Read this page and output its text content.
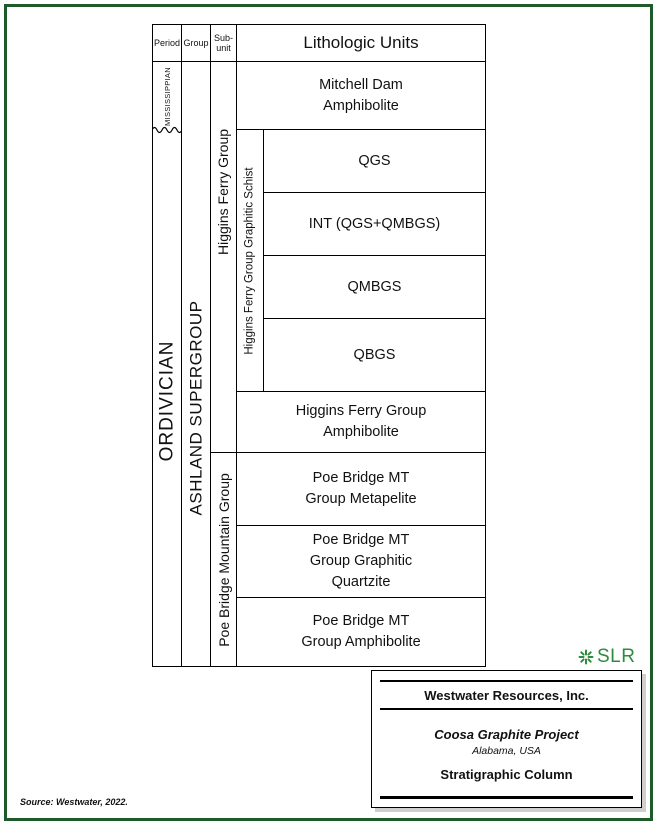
Period Group Sub-
unit	Lithologic Units
MISSISSIPPIAN
ORDIVICIAN ASHLAND SUPERGROUP
Higgins Ferry Group
Poe Bridge Mountain Group
Higgins Ferry Group Graphitic Schist
Mitchell Dam
Amphibolite
QGS
INT (QGS+QMBGS)
QMBGS
QBGS
Higgins Ferry Group
Amphibolite
Poe Bridge MT
Group Metapelite
Poe Bridge MT
Group Graphitic
Quartzite
Poe Bridge MT
Group Amphibolite
SLR
Westwater Resources, Inc.
Coosa Graphite Project
Alabama, USA
Stratigraphic Column
Source: Westwater, 2022.
